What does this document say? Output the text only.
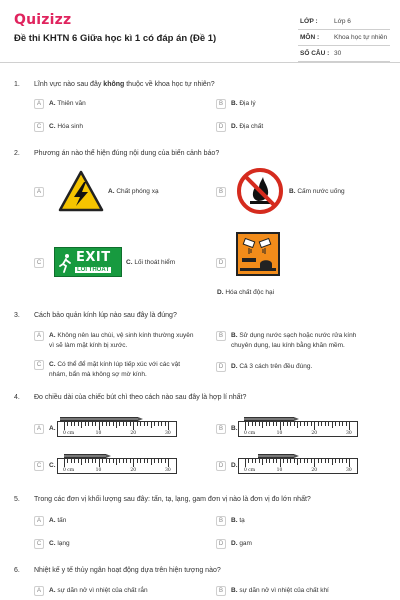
Quizizz
Đề thi KHTN 6 Giữa học kì 1 có đáp án (Đề 1)
LỚP :	Lớp 6
MÔN : Khoa học tự nhiên
SỐ CÂU : 30
1. Lĩnh vực nào sau đây không thuộc về khoa học tự nhiên?
A	A. Thiên văn	B	B. Địa lý
C	C. Hóa sinh	D	D. Địa chất
2. Phương án nào thể hiện đúng nội dung của biển cảnh báo?
A	A. Chất phóng xạ	B	B. Cấm nước uống
C	EXIT
LỐI THOÁT
C. Lối thoát hiểm	D
D. Hóa chất độc hại
3. Cách bảo quản kính lúp nào sau đây là đúng?
A	A. Không nên lau chùi, vệ sinh kính thường xuyên vì sẽ làm mặt kính bị xước.
B	B. Sử dụng nước sạch hoặc nước rửa kính chuyên dụng, lau kính bằng khăn mềm.
C	C. Có thể để mặt kính lúp tiếp xúc với các vật nhám, bẩn mà không sợ mờ kính.
D	D. Cả 3 cách trên đều đúng.
4. Đo chiều dài của chiếc bút chì theo cách nào sau đây là hợp lí nhất?
A	A.
0 cm	10	20	30
B	B.
0 cm	10	20	30
C	C.
0 cm	10	20	30
D	D.
0 cm	10	20	30
5. Trong các đơn vị khối lượng sau đây: tấn, tạ, lạng, gam đơn vị nào là đơn vị đo lớn nhất?
A	A. tấn	B	B. tạ
C	C. lạng	D	D. gam
6. Nhiệt kế y tế thủy ngân hoạt động dựa trên hiện tượng nào?
A	A. sự dãn nở vì nhiệt của chất rắn	B	B. sự dãn nở vì nhiệt của chất khí
